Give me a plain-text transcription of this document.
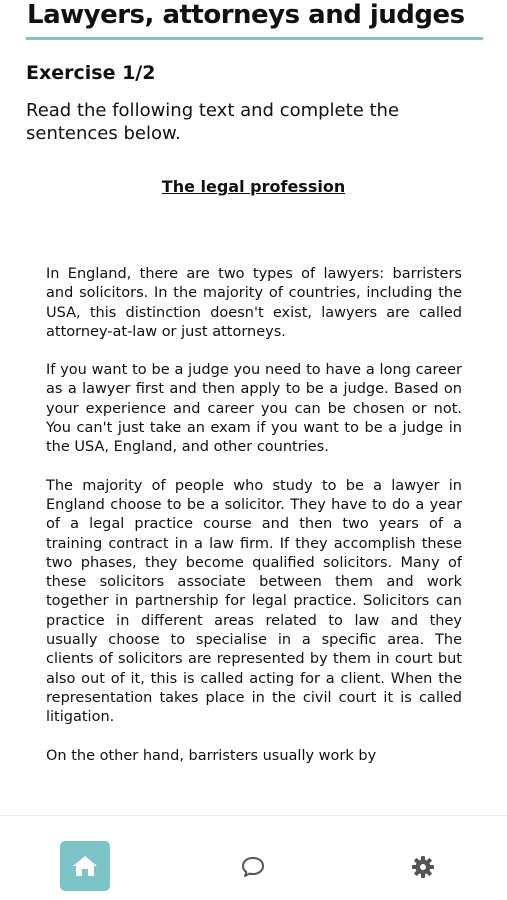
Lawyers, attorneys and judges
Exercise 1/2
Read the following text and complete the sentences below.
The legal profession

In England, there are two types of lawyers: barristers and solicitors. In the majority of countries, including the USA, this distinction doesn't exist, lawyers are called attorney-at-law or just attorneys.

If you want to be a judge you need to have a long career as a lawyer first and then apply to be a judge. Based on your experience and career you can be chosen or not. You can't just take an exam if you want to be a judge in the USA, England, and other countries.

The majority of people who study to be a lawyer in England choose to be a solicitor. They have to do a year of a legal practice course and then two years of a training contract in a law firm. If they accomplish these two phases, they become qualified solicitors. Many of these solicitors associate between them and work together in partnership for legal practice. Solicitors can practice in different areas related to law and they usually choose to specialise in a specific area. The clients of solicitors are represented by them in court but also out of it, this is called acting for a client. When the representation takes place in the civil court it is called litigation.

On the other hand, barristers usually work by
